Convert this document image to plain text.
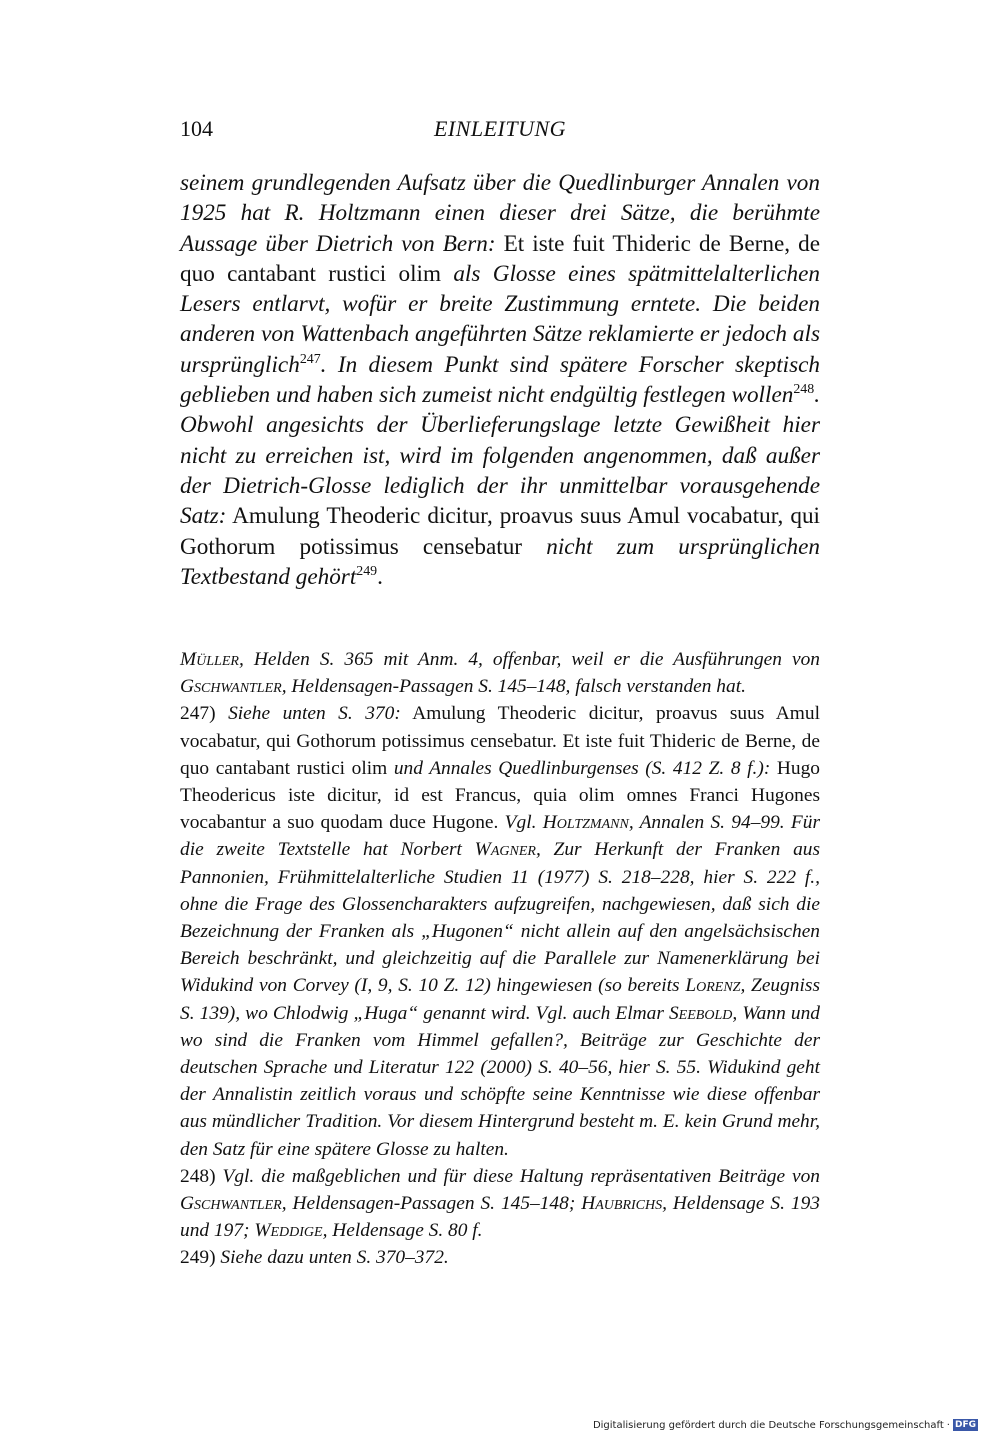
104	EINLEITUNG

seinem grundlegenden Aufsatz über die Quedlinburger Annalen von 1925 hat R. Holtzmann einen dieser drei Sätze, die berühmte Aussage über Dietrich von Bern: Et iste fuit Thideric de Berne, de quo cantabant rustici olim als Glosse eines spätmittelalterlichen Lesers entlarvt, wofür er breite Zustimmung erntete. Die beiden anderen von Wattenbach angeführten Sätze reklamierte er jedoch als ursprünglich$^{247}$. In diesem Punkt sind spätere Forscher skeptisch geblieben und haben sich zumeist nicht endgültig festlegen wollen$^{248}$. Obwohl angesichts der Überlieferungslage letzte Gewißheit hier nicht zu erreichen ist, wird im folgenden angenommen, daß außer der Dietrich-Glosse lediglich der ihr unmittelbar vorausgehende Satz: Amulung Theoderic dicitur, proavus suus Amul vocabatur, qui Gothorum potissimus censebatur nicht zum ursprünglichen Textbestand gehört$^{249}$.

Müller, Helden S. 365 mit Anm. 4, offenbar, weil er die Ausführungen von Gschwantler, Heldensagen-Passagen S. 145–148, falsch verstanden hat.

247) Siehe unten S. 370: Amulung Theoderic dicitur, proavus suus Amul vocabatur, qui Gothorum potissimus censebatur. Et iste fuit Thideric de Berne, de quo cantabant rustici olim und Annales Quedlinburgenses (S. 412 Z. 8 f.): Hugo Theodericus iste dicitur, id est Francus, quia olim omnes Franci Hugones vocabantur a suo quodam duce Hugone. Vgl. Holtzmann, Annalen S. 94–99. Für die zweite Textstelle hat Norbert Wagner, Zur Herkunft der Franken aus Pannonien, Frühmittelalterliche Studien 11 (1977) S. 218–228, hier S. 222 f., ohne die Frage des Glossencharakters aufzugreifen, nachgewiesen, daß sich die Bezeichnung der Franken als „Hugonen“ nicht allein auf den angelsächsischen Bereich beschränkt, und gleichzeitig auf die Parallele zur Namenerklärung bei Widukind von Corvey (I, 9, S. 10 Z. 12) hingewiesen (so bereits Lorenz, Zeugniss S. 139), wo Chlodwig „Huga“ genannt wird. Vgl. auch Elmar Seebold, Wann und wo sind die Franken vom Himmel gefallen?, Beiträge zur Geschichte der deutschen Sprache und Literatur 122 (2000) S. 40–56, hier S. 55. Widukind geht der Annalistin zeitlich voraus und schöpfte seine Kenntnisse wie diese offenbar aus mündlicher Tradition. Vor diesem Hintergrund besteht m. E. kein Grund mehr, den Satz für eine spätere Glosse zu halten.

248) Vgl. die maßgeblichen und für diese Haltung repräsentativen Beiträge von Gschwantler, Heldensagen-Passagen S. 145–148; Haubrichs, Heldensage S. 193 und 197; Weddige, Heldensage S. 80 f.

249) Siehe dazu unten S. 370–372.

Digitalisierung gefördert durch die Deutsche Forschungsgemeinschaft · DFG
